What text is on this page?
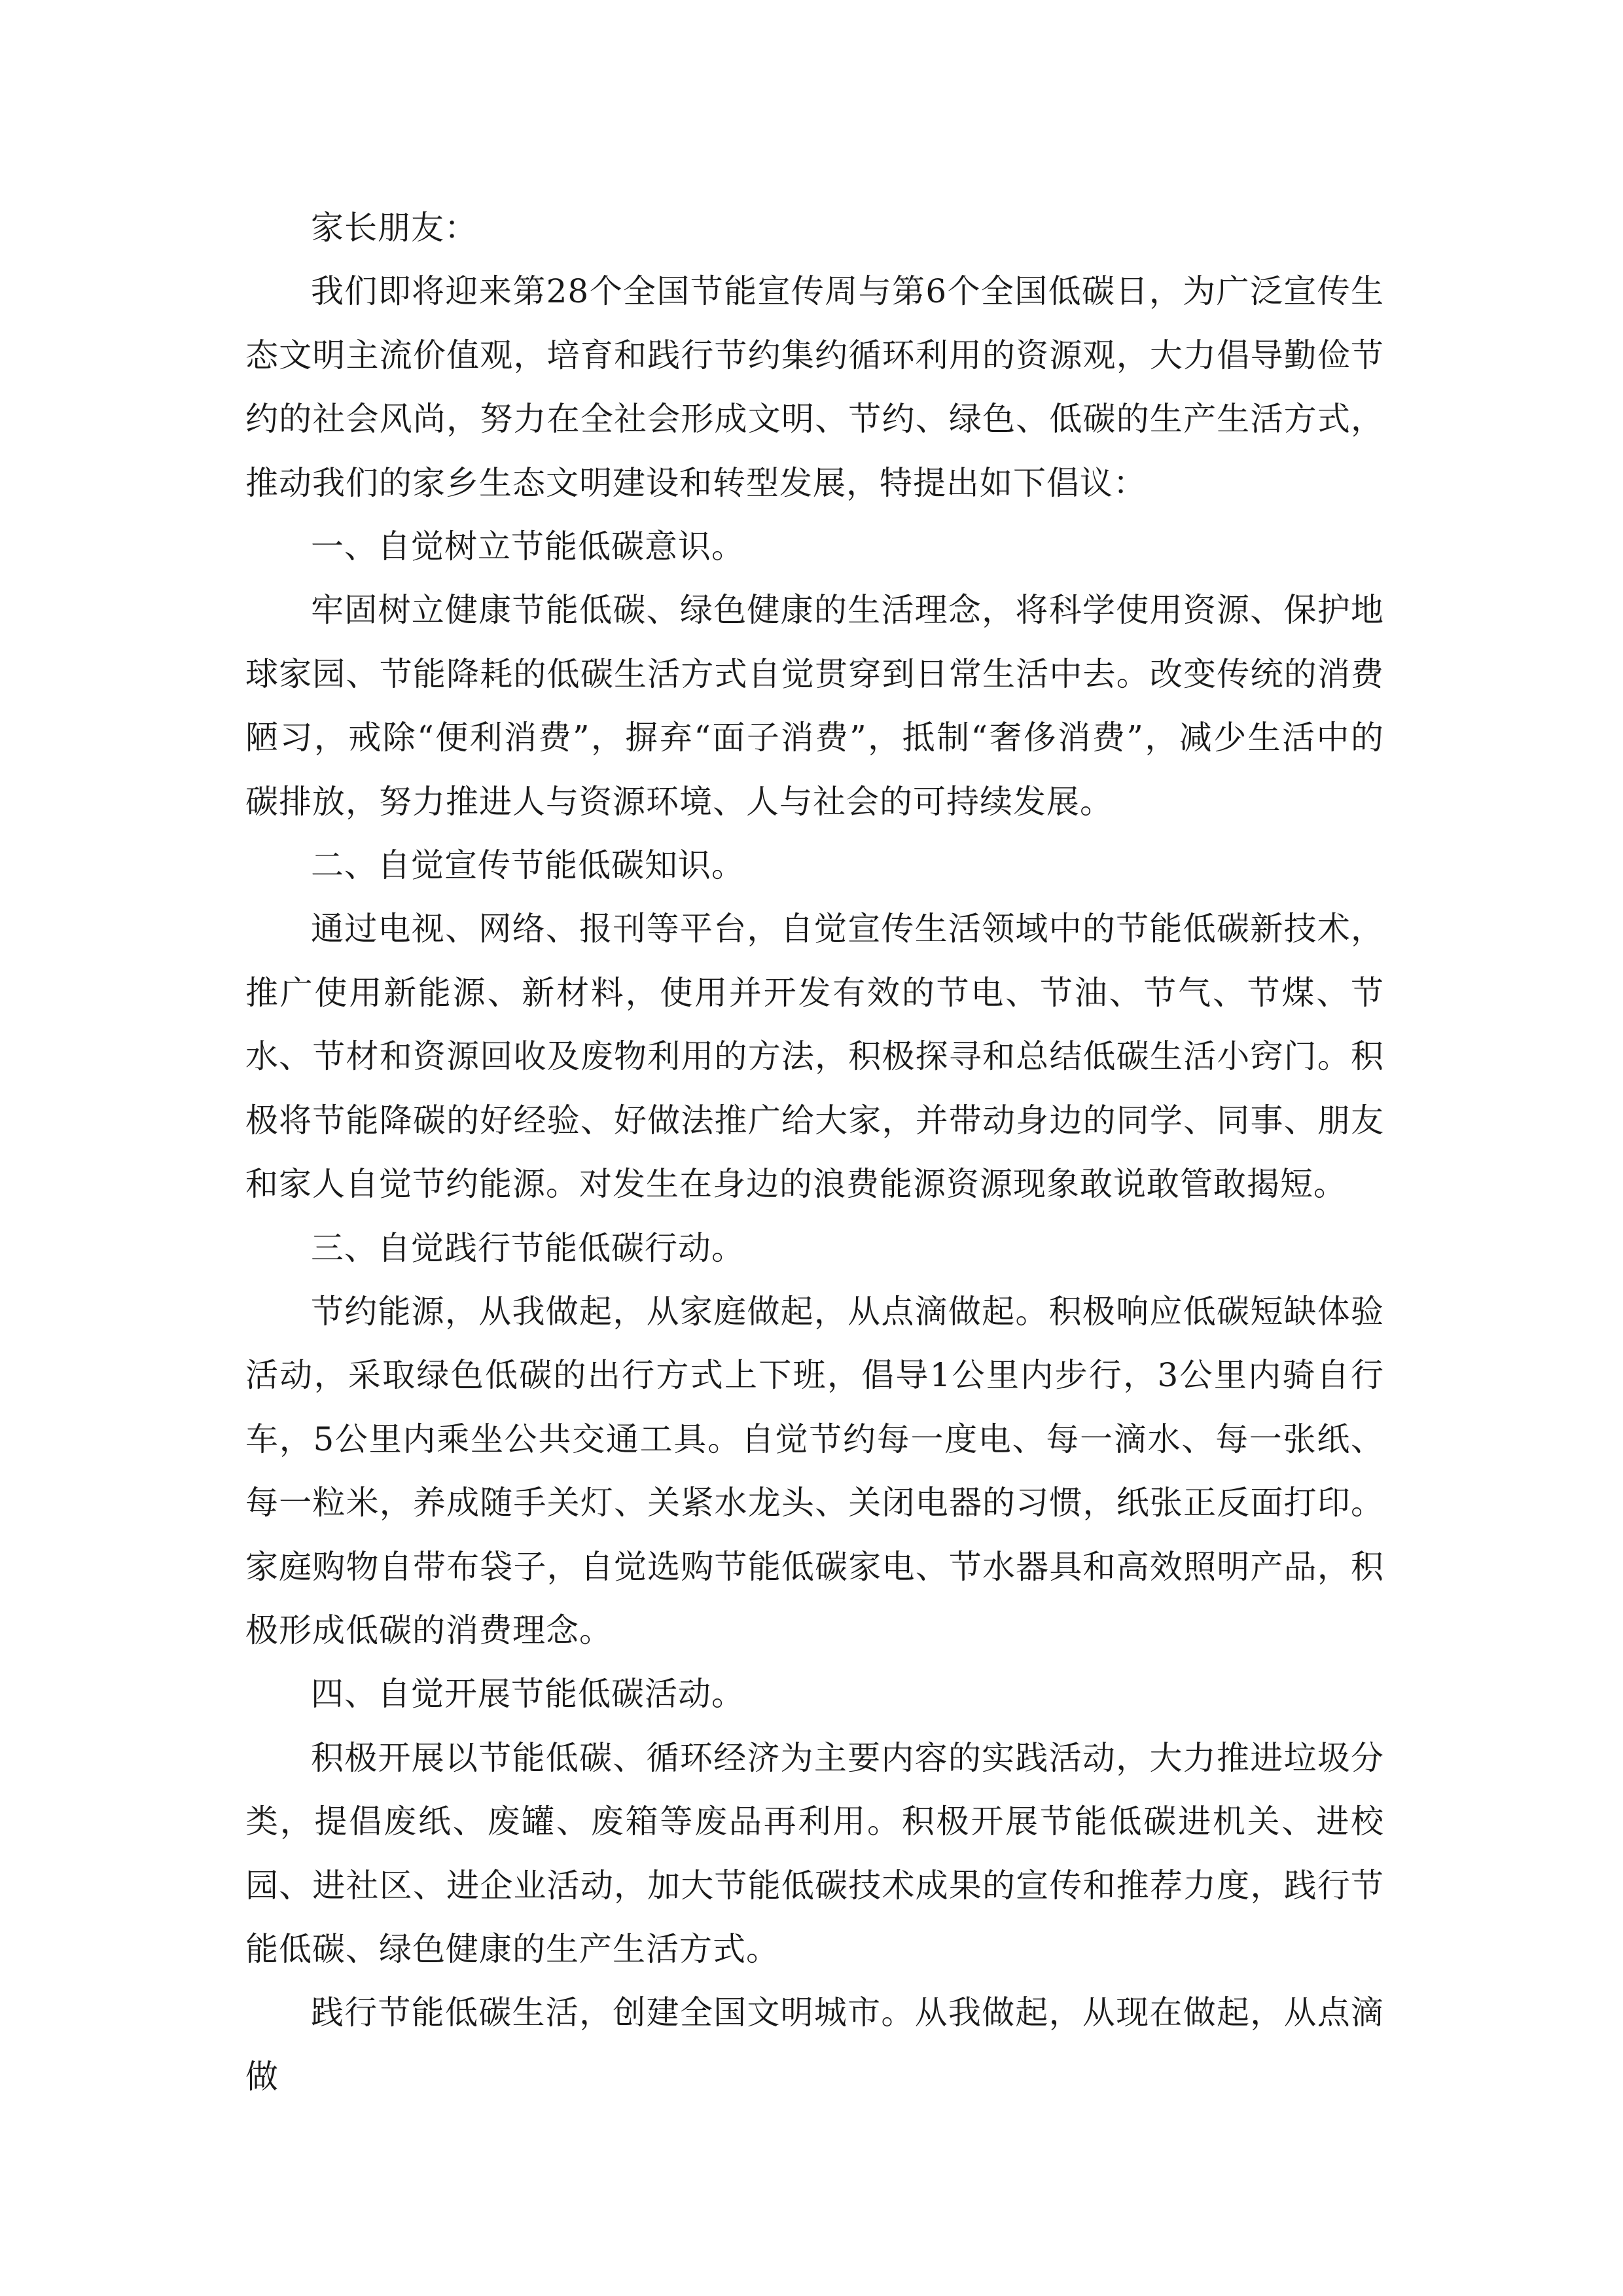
家长朋友：

我们即将迎来第28个全国节能宣传周与第6个全国低碳日，为广泛宣传生态文明主流价值观，培育和践行节约集约循环利用的资源观，大力倡导勤俭节约的社会风尚，努力在全社会形成文明、节约、绿色、低碳的生产生活方式，推动我们的家乡生态文明建设和转型发展，特提出如下倡议：

一、自觉树立节能低碳意识。

牢固树立健康节能低碳、绿色健康的生活理念，将科学使用资源、保护地球家园、节能降耗的低碳生活方式自觉贯穿到日常生活中去。改变传统的消费陋习，戒除“便利消费”，摒弃“面子消费”，抵制“奢侈消费”，减少生活中的碳排放，努力推进人与资源环境、人与社会的可持续发展。

二、自觉宣传节能低碳知识。

通过电视、网络、报刊等平台，自觉宣传生活领域中的节能低碳新技术，推广使用新能源、新材料，使用并开发有效的节电、节油、节气、节煤、节水、节材和资源回收及废物利用的方法，积极探寻和总结低碳生活小窍门。积极将节能降碳的好经验、好做法推广给大家，并带动身边的同学、同事、朋友和家人自觉节约能源。对发生在身边的浪费能源资源现象敢说敢管敢揭短。

三、自觉践行节能低碳行动。

节约能源，从我做起，从家庭做起，从点滴做起。积极响应低碳短缺体验活动，采取绿色低碳的出行方式上下班，倡导1公里内步行，3公里内骑自行车，5公里内乘坐公共交通工具。自觉节约每一度电、每一滴水、每一张纸、每一粒米，养成随手关灯、关紧水龙头、关闭电器的习惯，纸张正反面打印。家庭购物自带布袋子，自觉选购节能低碳家电、节水器具和高效照明产品，积极形成低碳的消费理念。

四、自觉开展节能低碳活动。

积极开展以节能低碳、循环经济为主要内容的实践活动，大力推进垃圾分类，提倡废纸、废罐、废箱等废品再利用。积极开展节能低碳进机关、进校园、进社区、进企业活动，加大节能低碳技术成果的宣传和推荐力度，践行节能低碳、绿色健康的生产生活方式。

践行节能低碳生活，创建全国文明城市。从我做起，从现在做起，从点滴做
